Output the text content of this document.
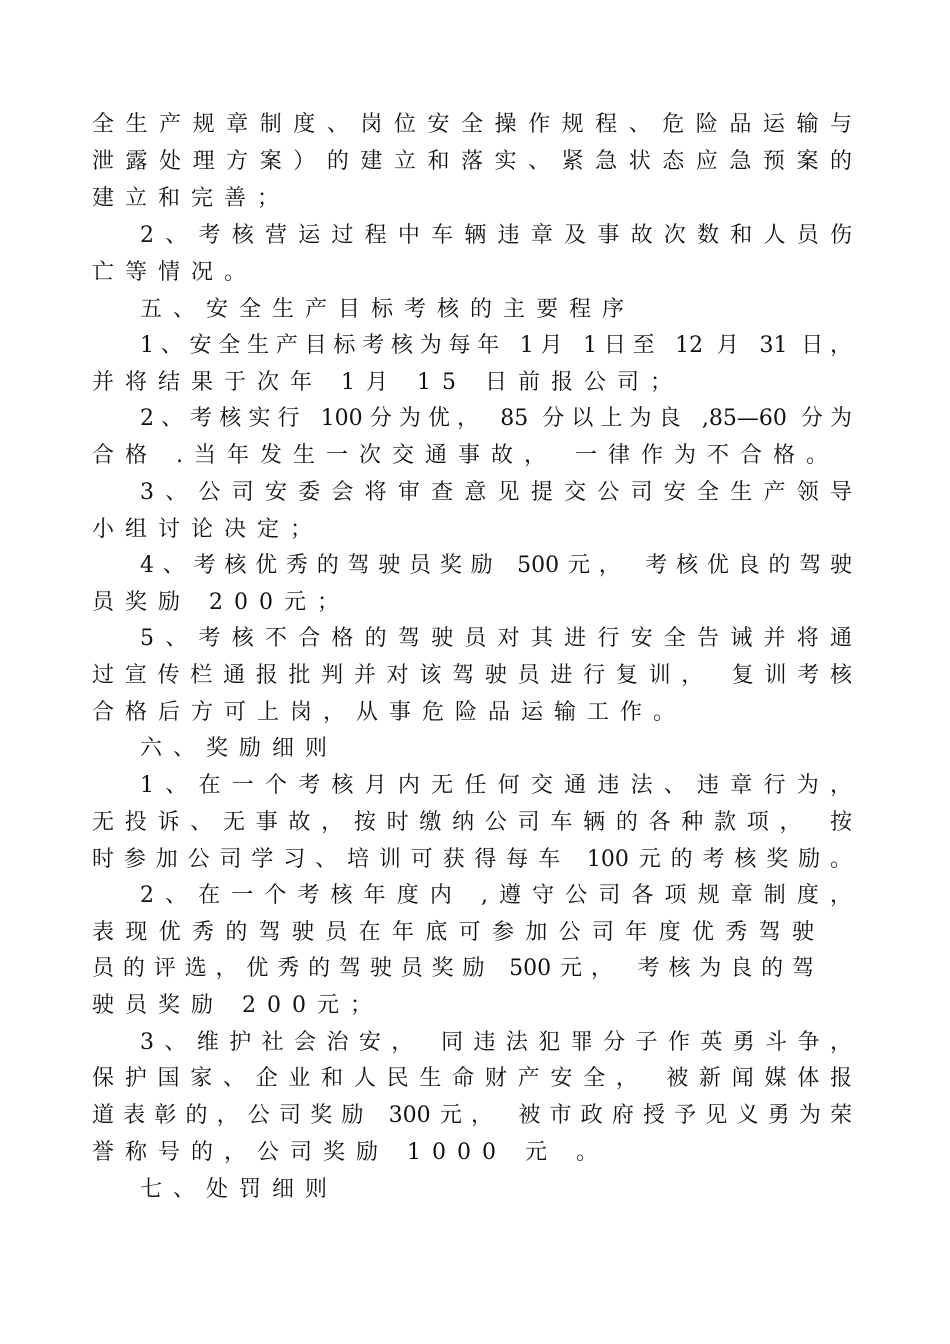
全生产规章制度、岗位安全操作规程、危险品运输与
泄露处理方案）的建立和落实、紧急状态应急预案的
建立和完善；
2、考核营运过程中车辆违章及事故次数和人员伤
亡等情况。
五、安全生产目标考核的主要程序
1、安全生产目标考核为每年 1月 1日至 12 月 31 日，
并将结果于次年 1月 15 日前报公司；
2、考核实行 100分为优， 85 分以上为良 ,85—60 分为
合格 .当年发生一次交通事故， 一律作为不合格。
3、公司安委会将审查意见提交公司安全生产领导
小组讨论决定；
4、考核优秀的驾驶员奖励 500元， 考核优良的驾驶
员奖励 200元；
5、考核不合格的驾驶员对其进行安全告诫并将通
过宣传栏通报批判并对该驾驶员进行复训， 复训考核
合格后方可上岗，从事危险品运输工作。
六、奖励细则
1、在一个考核月内无任何交通违法、违章行为，
无投诉、无事故，按时缴纳公司车辆的各种款项， 按
时参加公司学习、培训可获得每车 100元的考核奖励。
2、在一个考核年度内 ,遵守公司各项规章制度，
表现优秀的驾驶员在年底可参加公司年度优秀驾驶
员的评选，优秀的驾驶员奖励 500元， 考核为良的驾
驶员奖励 200元；
3、维护社会治安， 同违法犯罪分子作英勇斗争，
保护国家、企业和人民生命财产安全， 被新闻媒体报
道表彰的，公司奖励 300元， 被市政府授予见义勇为荣
誉称号的，公司奖励 1000 元 。
七、处罚细则
